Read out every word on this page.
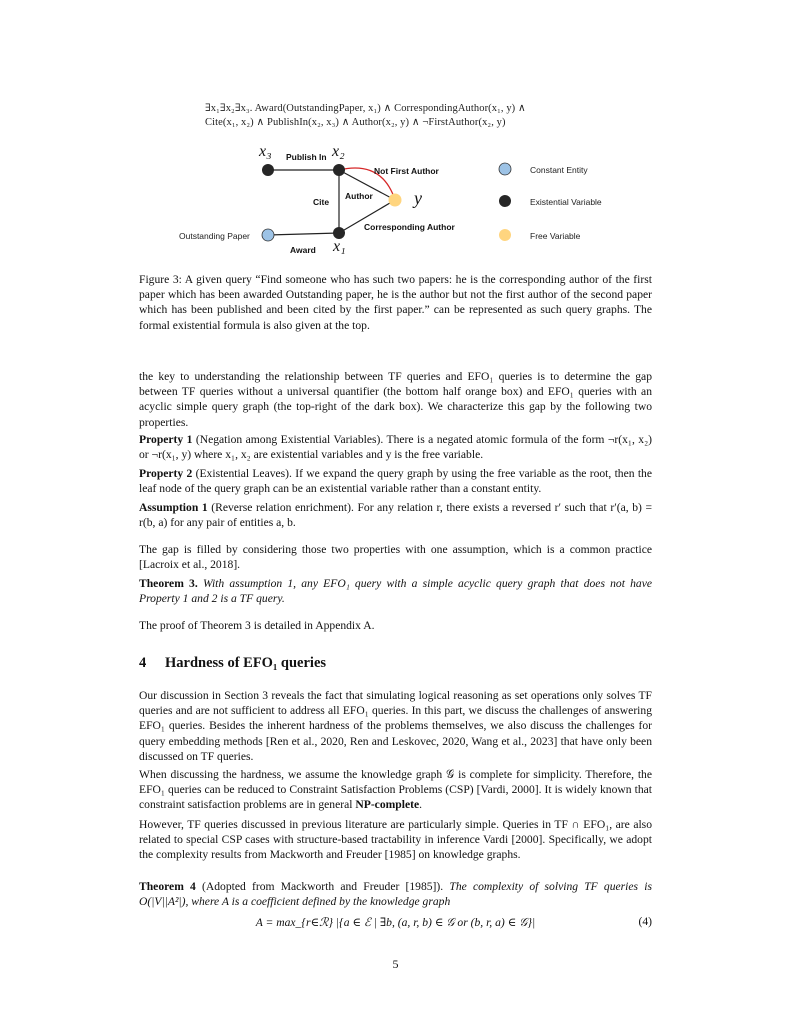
∃x₁∃x₂∃x₃. Award(OutstandingPaper, x₁) ∧ CorrespondingAuthor(x₁, y) ∧
Cite(x₁, x₂) ∧ PublishIn(x₂, x₃) ∧ Author(x₂, y) ∧ ¬FirstAuthor(x₂, y)
x₃	x₂
x₁
y
Publish In
Not First Author
Author
Cite
Corresponding Author
Award
Outstanding Paper
Constant Entity
Existential Variable
Free Variable
Figure 3: A given query “Find someone who has such two papers: he is the corresponding author of the first paper which has been awarded Outstanding paper, he is the author but not the first author of the second paper which has been published and been cited by the first paper.” can be represented as such query graphs. The formal existential formula is also given at the top.
the key to understanding the relationship between TF queries and EFO₁ queries is to determine the gap between TF queries without a universal quantifier (the bottom half orange box) and EFO₁ queries with an acyclic simple query graph (the top-right of the dark box). We characterize this gap by the following two properties.
Property 1 (Negation among Existential Variables). There is a negated atomic formula of the form ¬r(x₁, x₂) or ¬r(x₁, y) where x₁, x₂ are existential variables and y is the free variable.
Property 2 (Existential Leaves). If we expand the query graph by using the free variable as the root, then the leaf node of the query graph can be an existential variable rather than a constant entity.
Assumption 1 (Reverse relation enrichment). For any relation r, there exists a reversed r′ such that r′(a, b) = r(b, a) for any pair of entities a, b.
The gap is filled by considering those two properties with one assumption, which is a common practice [Lacroix et al., 2018].
Theorem 3. With assumption 1, any EFO₁ query with a simple acyclic query graph that does not have Property 1 and 2 is a TF query.
The proof of Theorem 3 is detailed in Appendix A.
4 Hardness of EFO₁ queries
Our discussion in Section 3 reveals the fact that simulating logical reasoning as set operations only solves TF queries and are not sufficient to address all EFO₁ queries. In this part, we discuss the challenges of answering EFO₁ queries. Besides the inherent hardness of the problems themselves, we also discuss the challenges for query embedding methods [Ren et al., 2020, Ren and Leskovec, 2020, Wang et al., 2023] that have only been discussed on TF queries.
When discussing the hardness, we assume the knowledge graph 𝒢 is complete for simplicity. Therefore, the EFO₁ queries can be reduced to Constraint Satisfaction Problems (CSP) [Vardi, 2000]. It is widely known that constraint satisfaction problems are in general NP-complete.
However, TF queries discussed in previous literature are particularly simple. Queries in TF ∩ EFO₁, are also related to special CSP cases with structure-based tractability in inference Vardi [2000]. Specifically, we adopt the complexity results from Mackworth and Freuder [1985] on knowledge graphs.
Theorem 4 (Adopted from Mackworth and Freuder [1985]). The complexity of solving TF queries is O(|V||A²|), where A is a coefficient defined by the knowledge graph
A = max_{r∈ℛ} |{a ∈ ℰ | ∃b, (a, r, b) ∈ 𝒢 or (b, r, a) ∈ 𝒢}|	(4)
5
